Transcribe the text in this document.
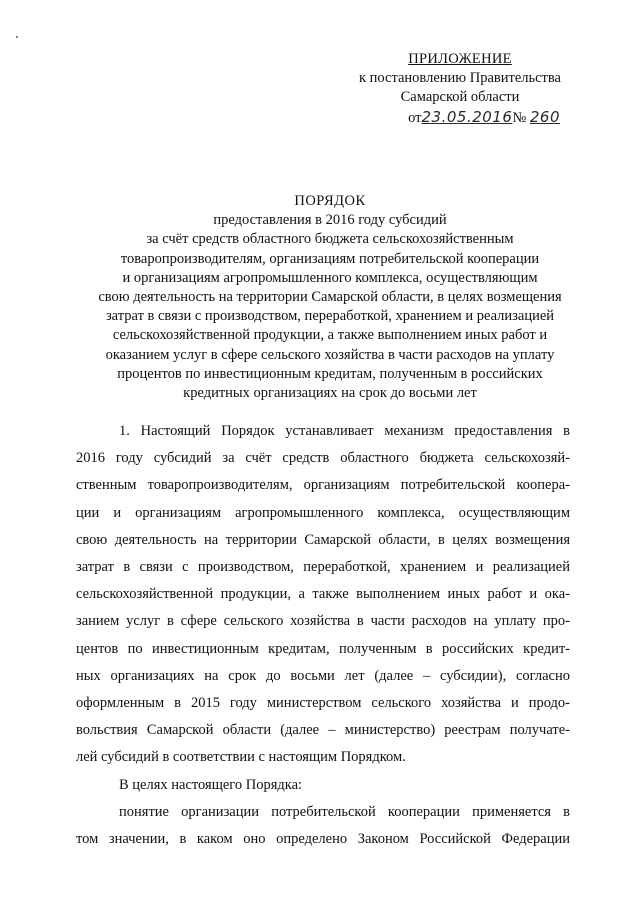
ПРИЛОЖЕНИЕ
к постановлению Правительства
Самарской области
от23.05.2016№ 260
ПОРЯДОК
предоставления в 2016 году субсидий
за счёт средств областного бюджета сельскохозяйственным
товаропроизводителям, организациям потребительской кооперации
и организациям агропромышленного комплекса, осуществляющим
свою деятельность на территории Самарской области, в целях возмещения
затрат в связи с производством, переработкой, хранением и реализацией
сельскохозяйственной продукции, а также выполнением иных работ и
оказанием услуг в сфере сельского хозяйства в части расходов на уплату
процентов по инвестиционным кредитам, полученным в российских
кредитных организациях на срок до восьми лет
1. Настоящий Порядок устанавливает механизм предоставления в
2016 году субсидий за счёт средств областного бюджета сельскохозяй-
ственным товаропроизводителям, организациям потребительской коопера-
ции и организациям агропромышленного комплекса, осуществляющим
свою деятельность на территории Самарской области, в целях возмещения
затрат в связи с производством, переработкой, хранением и реализацией
сельскохозяйственной продукции, а также выполнением иных работ и ока-
занием услуг в сфере сельского хозяйства в части расходов на уплату про-
центов по инвестиционным кредитам, полученным в российских кредит-
ных организациях на срок до восьми лет (далее – субсидии), согласно
оформленным в 2015 году министерством сельского хозяйства и продо-
вольствия Самарской области (далее – министерство) реестрам получате-
лей субсидий в соответствии с настоящим Порядком.
В целях настоящего Порядка:
понятие организации потребительской кооперации применяется в
том значении, в каком оно определено Законом Российской Федерации
